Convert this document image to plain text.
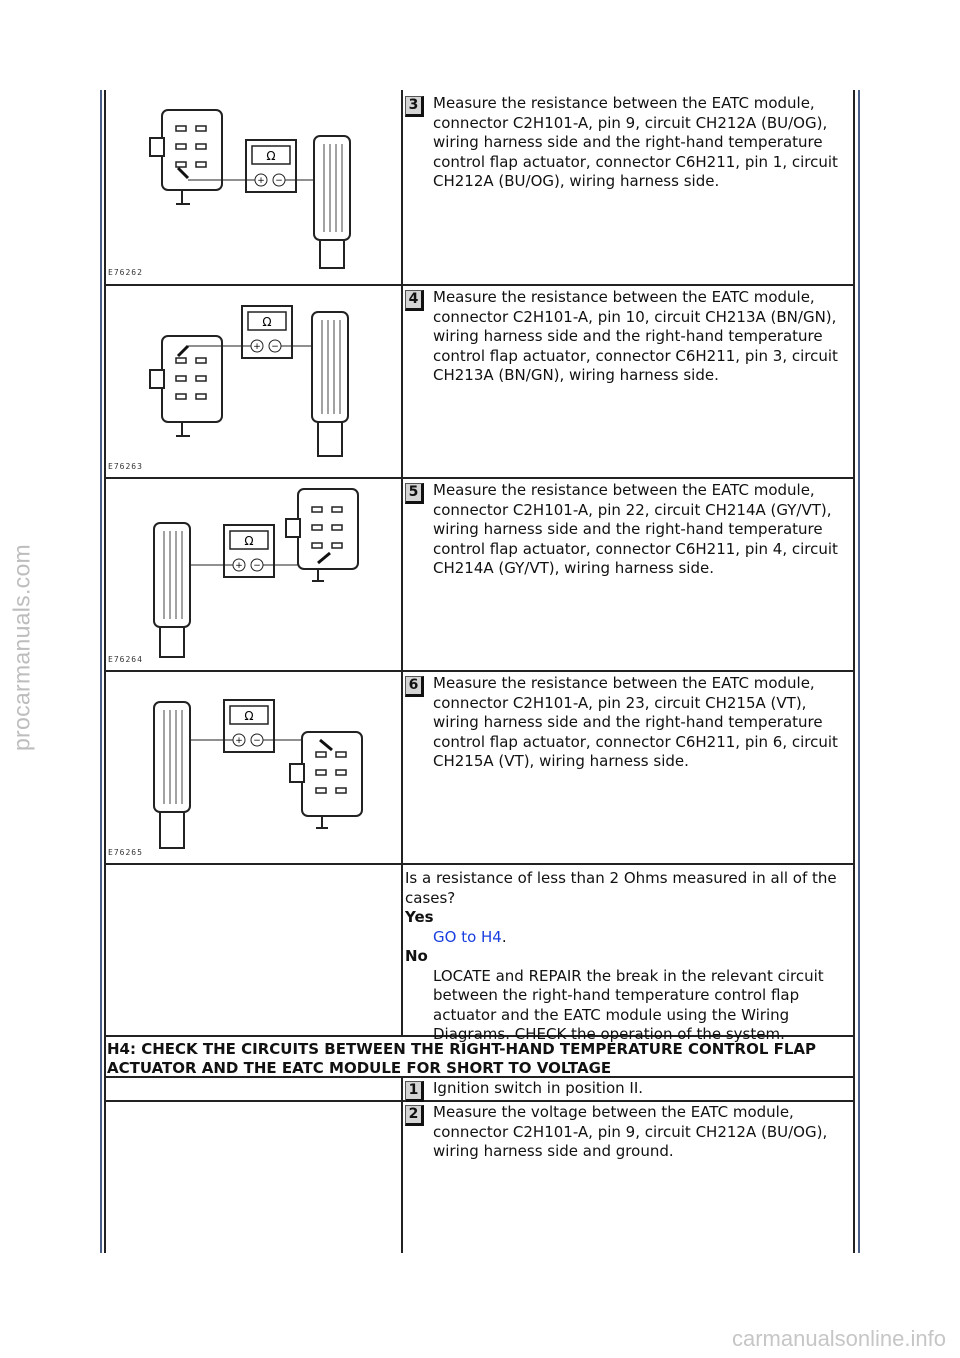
procarmanuals.com
carmanualsonline.info
Ω
+ −
E76262
Ω
+ −
E76263
Ω
+ −
E76264
Ω
+ −
E76265
3 Measure the resistance between the EATC module, connector C2H101-A, pin 9, circuit CH212A (BU/OG), wiring harness side and the right-hand temperature control flap actuator, connector C6H211, pin 1, circuit CH212A (BU/OG), wiring harness side.
4 Measure the resistance between the EATC module, connector C2H101-A, pin 10, circuit CH213A (BN/GN), wiring harness side and the right-hand temperature control flap actuator, connector C6H211, pin 3, circuit CH213A (BN/GN), wiring harness side.
5 Measure the resistance between the EATC module, connector C2H101-A, pin 22, circuit CH214A (GY/VT), wiring harness side and the right-hand temperature control flap actuator, connector C6H211, pin 4, circuit CH214A (GY/VT), wiring harness side.
6 Measure the resistance between the EATC module, connector C2H101-A, pin 23, circuit CH215A (VT), wiring harness side and the right-hand temperature control flap actuator, connector C6H211, pin 6, circuit CH215A (VT), wiring harness side.
Is a resistance of less than 2 Ohms measured in all of the cases?
Yes
GO to H4.
No
LOCATE and REPAIR the break in the relevant circuit between the right-hand temperature control flap actuator and the EATC module using the Wiring Diagrams. CHECK the operation of the system.
H4: CHECK THE CIRCUITS BETWEEN THE RIGHT-HAND TEMPERATURE CONTROL FLAP ACTUATOR AND THE EATC MODULE FOR SHORT TO VOLTAGE
1 Ignition switch in position II.
2 Measure the voltage between the EATC module, connector C2H101-A, pin 9, circuit CH212A (BU/OG), wiring harness side and ground.
